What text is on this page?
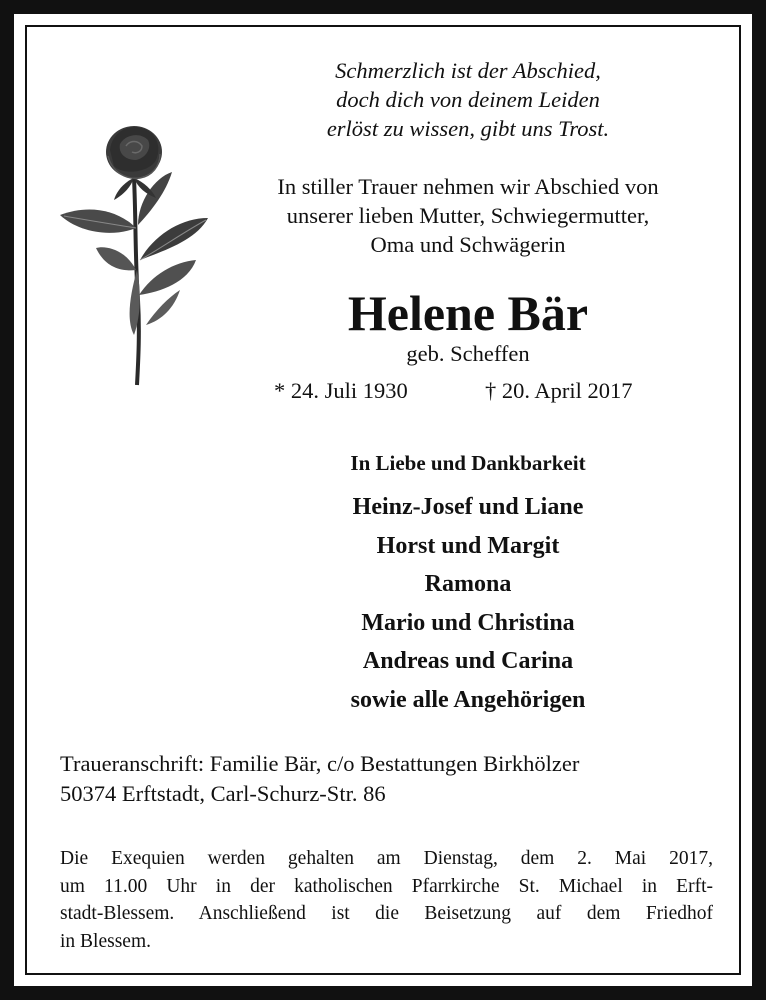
Schmerzlich ist der Abschied,
doch dich von deinem Leiden
erlöst zu wissen, gibt uns Trost.
In stiller Trauer nehmen wir Abschied von
unserer lieben Mutter, Schwiegermutter,
Oma und Schwägerin
Helene Bär
geb. Scheffen
* 24. Juli 1930	† 20. April 2017
In Liebe und Dankbarkeit
Heinz-Josef und Liane
Horst und Margit
Ramona
Mario und Christina
Andreas und Carina
sowie alle Angehörigen
Traueranschrift: Familie Bär, c/o Bestattungen Birkhölzer
50374 Erftstadt, Carl-Schurz-Str. 86
Die Exequien werden gehalten am Dienstag, dem 2. Mai 2017,
um 11.00 Uhr in der katholischen Pfarrkirche St. Michael in Erft-
stadt-Blessem. Anschließend ist die Beisetzung auf dem Friedhof
in Blessem.
